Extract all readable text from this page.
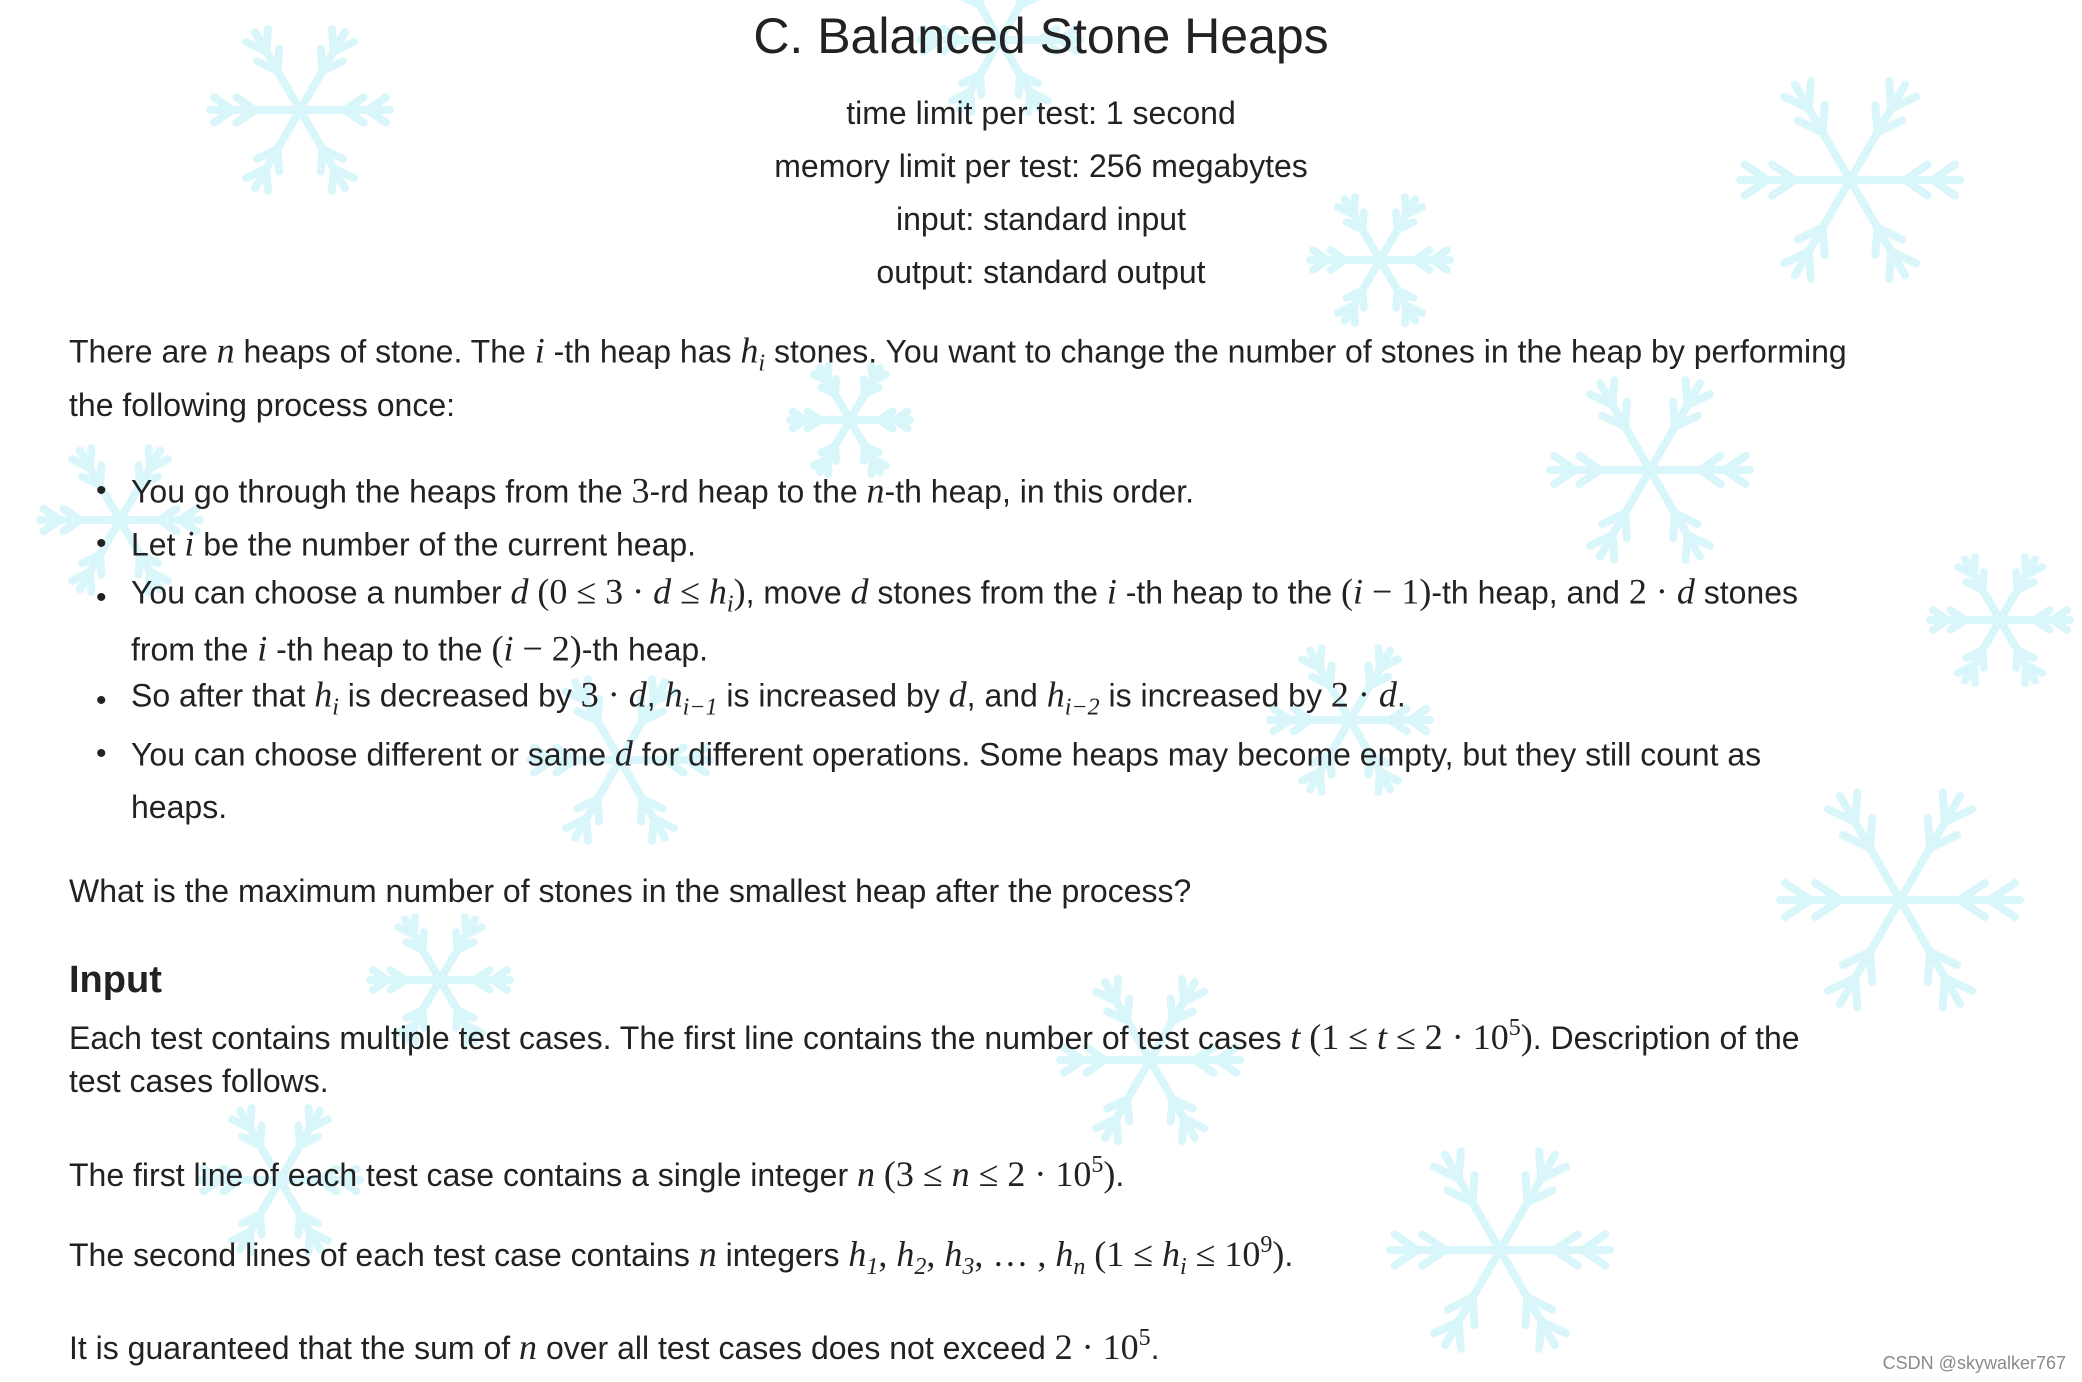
C. Balanced Stone Heaps
time limit per test: 1 second
memory limit per test: 256 megabytes
input: standard input
output: standard output
There are n heaps of stone. The i -th heap has $h_i$ stones. You want to change the number of stones in the heap by performing
the following process once:
• You go through the heaps from the 3-rd heap to the n-th heap, in this order.
• Let i be the number of the current heap.
• You can choose a number d $(0 \le 3 \cdot d \le h_i)$, move d stones from the i -th heap to the (i − 1)-th heap, and 2 · d stones
from the i -th heap to the (i − 2)-th heap.
• So after that $h_i$ is decreased by 3 · d, $h_{i-1}$ is increased by d, and $h_{i-2}$ is increased by 2 · d.
• You can choose different or same d for different operations. Some heaps may become empty, but they still count as
heaps.
What is the maximum number of stones in the smallest heap after the process?
Input
Each test contains multiple test cases. The first line contains the number of test cases t $(1 \le t \le 2 \cdot 10^5)$. Description of the
test cases follows.
The first line of each test case contains a single integer n $(3 \le n \le 2 \cdot 10^5)$.
The second lines of each test case contains n integers $h_1$, $h_2$, $h_3$, … , $h_n$ $(1 \le h_i \le 10^9)$.
It is guaranteed that the sum of n over all test cases does not exceed $2 \cdot 10^5$.	CSDN @skywalker767
